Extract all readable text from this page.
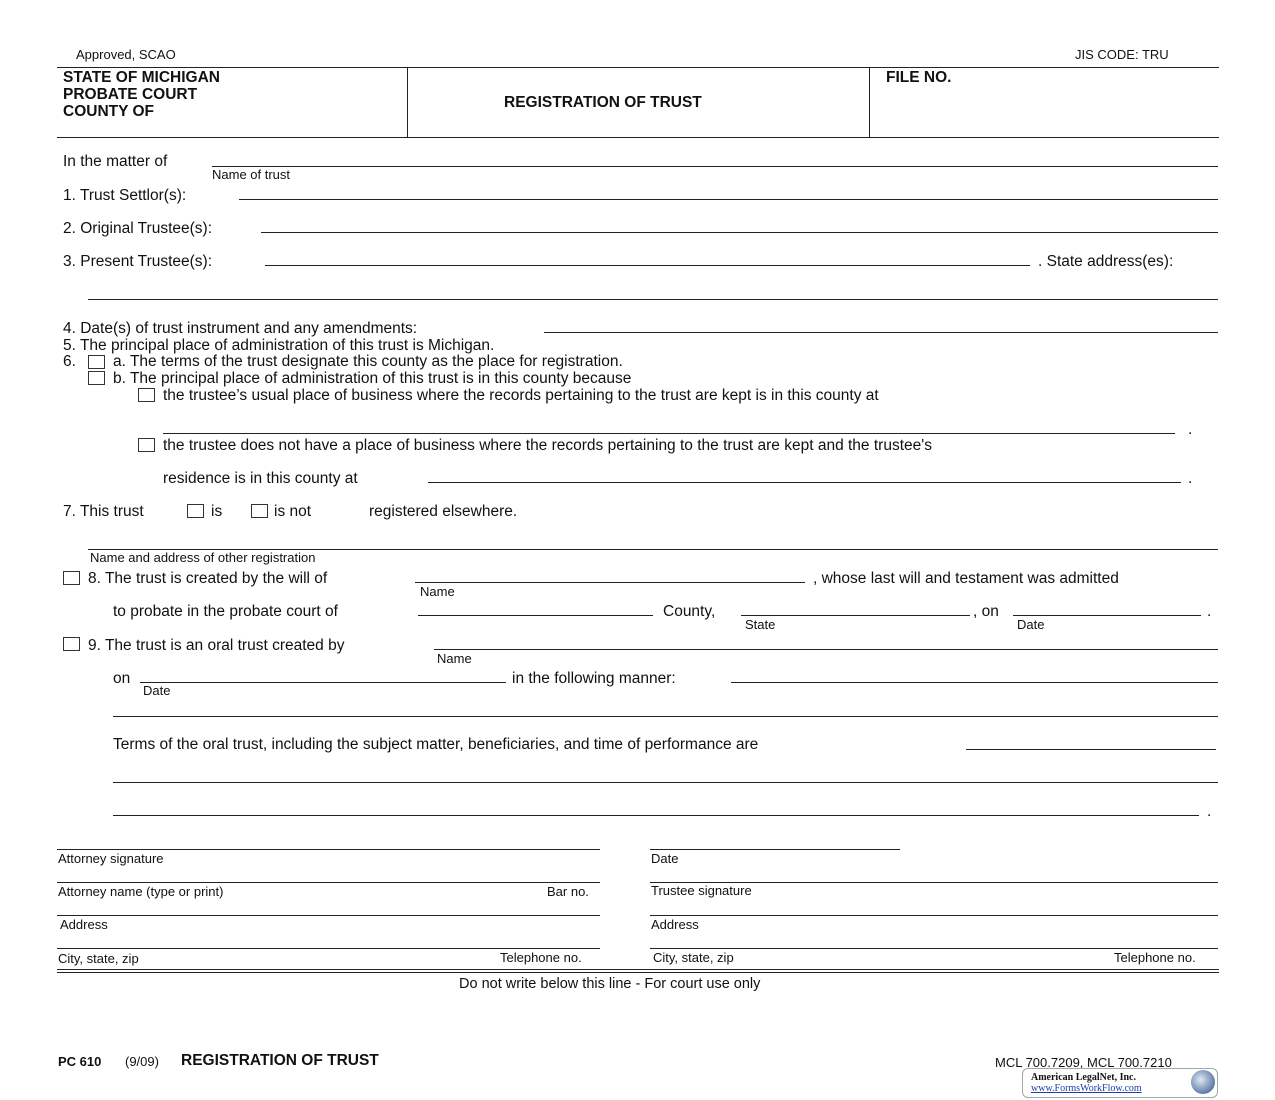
Approved, SCAO	JIS CODE: TRU
STATE OF MICHIGAN
PROBATE COURT
COUNTY OF
REGISTRATION OF TRUST
FILE NO.
In the matter of
Name of trust
1. Trust Settlor(s):
2. Original Trustee(s):
3. Present Trustee(s):	. State address(es):
4. Date(s) of trust instrument and any amendments:
5. The principal place of administration of this trust is Michigan.
6. a. The terms of the trust designate this county as the place for registration.
b. The principal place of administration of this trust is in this county because
the trustee’s usual place of business where the records pertaining to the trust are kept is in this county at
.
the trustee does not have a place of business where the records pertaining to the trust are kept and the trustee's
residence is in this county at	.
7. This trust	is	is not	registered elsewhere.
Name and address of other registration
8. The trust is created by the will of	, whose last will and testament was admitted
Name
to probate in the probate court of	County,	, on	.
State	Date
9. The trust is an oral trust created by
Name
on
Date
in the following manner:
Terms of the oral trust, including the subject matter, beneficiaries, and time of performance are
.
Attorney signature	Date
Attorney name (type or print)	Bar no.	Trustee signature
Address	Address
City, state, zip	Telephone no.	City, state, zip	Telephone no.
Do not write below this line - For court use only
PC 610 (9/09) REGISTRATION OF TRUST	MCL 700.7209, MCL 700.7210
American LegalNet, Inc.
www.FormsWorkFlow.com
